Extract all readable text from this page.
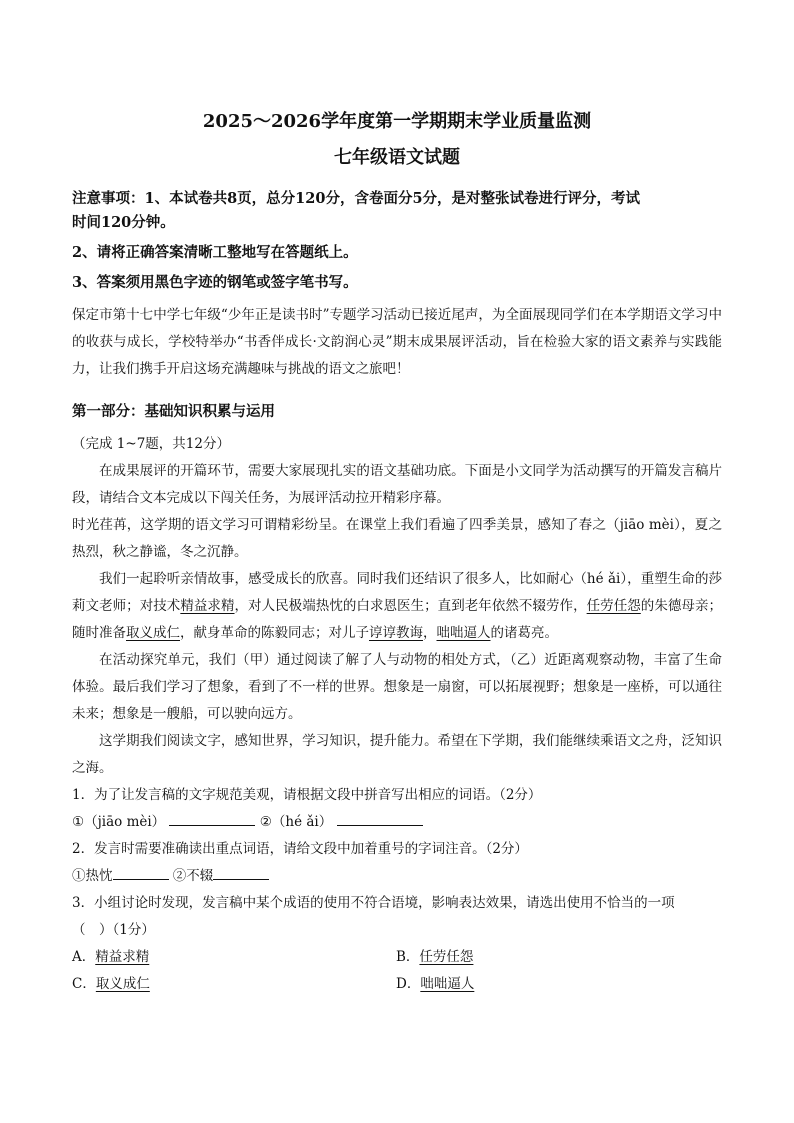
2025～2026学年度第一学期期末学业质量监测
七年级语文试题

注意事项：1、本试卷共8页，总分120分，含卷面分5分，是对整张试卷进行评分，考试

时间120分钟。

2、请将正确答案清晰工整地写在答题纸上。

3、答案须用黑色字迹的钢笔或签字笔书写。

保定市第十七中学七年级“少年正是读书时”专题学习活动已接近尾声，为全面展现同学们在本学期语文学习中的收获与成长，学校特举办“书香伴成长·文韵润心灵”期末成果展评活动，旨在检验大家的语文素养与实践能力，让我们携手开启这场充满趣味与挑战的语文之旅吧！

第一部分：基础知识积累与运用

（完成 1~7题，共12分）

在成果展评的开篇环节，需要大家展现扎实的语文基础功底。下面是小文同学为活动撰写的开篇发言稿片段，请结合文本完成以下闯关任务，为展评活动拉开精彩序幕。

时光荏苒，这学期的语文学习可谓精彩纷呈。在课堂上我们看遍了四季美景，感知了春之（jiāo mèi），夏之热烈，秋之静谧，冬之沉静。

我们一起聆听亲情故事，感受成长的欣喜。同时我们还结识了很多人，比如耐心（hé ǎi），重塑生命的莎莉文老师；对技术精益求精，对人民极端热忱的白求恩医生；直到老年依然不辍劳作，任劳任怨的朱德母亲；随时准备取义成仁，献身革命的陈毅同志；对儿子谆谆教诲，咄咄逼人的诸葛亮。

在活动探究单元，我们（甲）通过阅读了解了人与动物的相处方式，（乙）近距离观察动物，丰富了生命体验。最后我们学习了想象，看到了不一样的世界。想象是一扇窗，可以拓展视野；想象是一座桥，可以通往未来；想象是一艘船，可以驶向远方。

这学期我们阅读文字，感知世界，学习知识，提升能力。希望在下学期，我们能继续乘语文之舟，泛知识之海。

1．为了让发言稿的文字规范美观，请根据文段中拼音写出相应的词语。（2分）

①（jiāo mèi）	②（hé ǎi）

2．发言时需要准确读出重点词语，请给文段中加着重号的字词注音。（2分）

①热忱	②不辍

3．小组讨论时发现，发言稿中某个成语的使用不符合语境，影响表达效果，请选出使用不恰当的一项

（　）（1分）

A．精益求精	B．任劳任怨
C．取义成仁	D．咄咄逼人
